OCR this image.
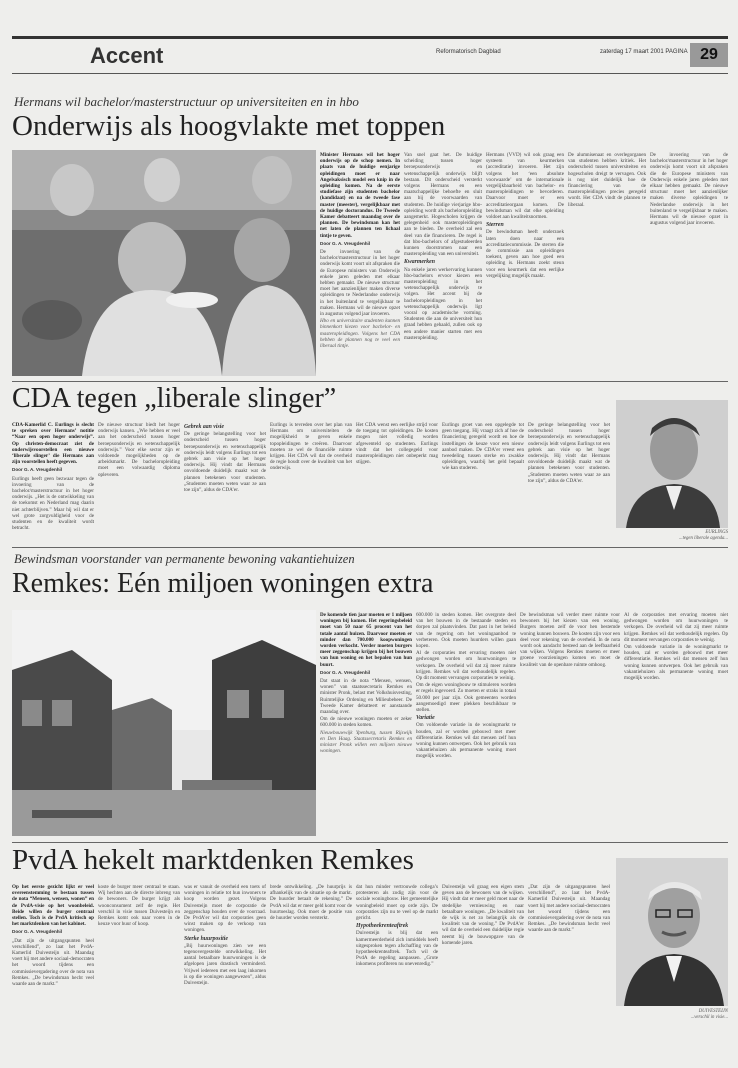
Accent	Reformatorisch Dagblad	zaterdag 17 maart 2001 PAGINA 29
Hermans wil bachelor/masterstructuur op universiteiten en in hbo
Onderwijs als hoogvlakte met toppen

Minister Hermans wil het hoger onderwijs op de schop nemen. In plaats van de huidige eenjarige opleidingen moet er naar Angelsaksisch model een knip in de opleiding komen. Na de eerste studiefase zijn studenten bachelor (kandidaat) en na de tweede fase master (meester), vergelijkbaar met de huidige doctorandus. De Tweede Kamer debatteert maandag over de plannen. De bewindsman kan het net laten de plannen ten lichaal tintje te geven.

Door G. A. Vreugdenhil

De invoering van de bachelor/masterstructuur in het hoger onderwijs komt voort uit afspraken die de Europese ministers van Onderwijs enkele jaren geleden met elkaar hebben gemaakt. De nieuwe structuur moet het aanzienlijker maken diverse opleidingen te Nederlandse onderwijs in het buitenland te vergelijkbaar te maken. Hermans wil de nieuwe opzet in augustus volgend jaar invoeren.

Hbo en universitaire studenten kunnen binnenkort kiezen voor bachelor- en masteropleidingen. Volgens het CDA hebben de plannen nog te veel een liberaal tintje.

Van snel gaat het. De huidige scheiding tussen hoger beroepsonderwijs en wetenschappelijk onderwijs blijft bestaan. Dit onderscheid versterkt volgens Hermans en een maatschappelijke behoefte en sluit aan bij de voorwaarden van studenten. De huidige vierjarige hbo-opleiding wordt als bacheloropleiding aangemerkt. Hogescholen krijgen de gelegenheid ook masteropleidingen aan te bieden. De overheid zal een deel van die financieren. De regel is dat hbo-bachelors of afgestudeerden kunnen doorstromen naar een masteropleiding van een universiteit.

Kwarmerken

Na enkele jaren werkervaring kunnen hbo-bachelors ervoor kiezen een masteropleiding in het wetenschappelijk onderwijs te volgen. Het accent bij de bacheloropleidingen in het wetenschappelijk onderwijs ligt vooral op academische vorming. Studenten die aan de universiteit hun graad hebben gehaald, zullen ook op een andere manier starten met een masteropleiding.

Hermans (VVD) wil ook graag een systeem van keurmerken (accreditatie) invoeren. Het zijn volgens het ‘een absolute voorwaarde’ om de internationale vergelijkbaarheid van bachelor- en masteropleidingen te bevorderen. Daarvoor moet er een accreditatieorgaan komen. De bewindsman wil dat elke opleiding voldoet aan kwaliteitsnormen.

Sterren

De bewindsman heeft onderzoek laten doen naar een accreditatiecommissie. De sterren die de commissie aan opleidingen toekent, geven aan hoe goed een opleiding is. Hermans zoekt steun voor een keurmerk dat een eerlijke vergelijking mogelijk maakt.

De alumnisenaat en overlegorganen van studenten hebben kritiek. Het onderscheid tussen universiteiten en hogescholen dreigt te vervagen. Ook is nog niet duidelijk hoe de financiering van de masteropleidingen precies geregeld wordt. Het CDA vindt de plannen te liberaal.

De invoering van de bachelor/masterstructuur in het hoger onderwijs komt voort uit afspraken die de Europese ministers van Onderwijs enkele jaren geleden met elkaar hebben gemaakt. De nieuwe structuur moet het aanzienlijker maken diverse opleidingen te Nederlandse onderwijs in het buitenland te vergelijkbaar te maken. Hermans wil de nieuwe opzet in augustus volgend jaar invoeren.

CDA tegen „liberale slinger”

CDA-Kamerlid C. Eurlings is slecht te spreken over Hermans’ notitie “Naar een open hoger onderwijs”. Op christen-democraat ziet de onderwijsvoorstellen een nieuwe ‘liberale slinger’ die Hermans aan zijn voorstellen heeft gegeven.

Door G. A. Vreugdenhil

Eurlings heeft geen bezwaar tegen de invoering van de bachelor/masterstructuur in het hoger onderwijs. „Het is de ontwikkeling van de toekomst en Nederland mag daarin niet achterblijven.” Maar hij wil dat er wel grote zorgvuldigheid voor de studenten en de kwaliteit wordt betracht.

De nieuwe structuur biedt het hoger onderwijs kansen. „Wie hebben er veel aan het onderscheid tussen hoger beroepsonderwijs en wetenschappelijk onderwijs.” Voor elke sector zijn er voldoende mogelijkheden op de arbeidsmarkt. De bacheloropleiding moet een volwaardig diploma opleveren.

Gebrek aan visie

De geringe belangstelling voor het onderscheid tussen hoger beroepsonderwijs en wetenschappelijk onderwijs leidt volgens Eurlings tot een gebrek aan visie op het hoger onderwijs. Hij vindt dat Hermans onvoldoende duidelijk maakt wat de plannen betekenen voor studenten. „Studenten moeten weten waar ze aan toe zijn”, aldus de CDA’er.

Eurlings is tevreden over het plan van Hermans om universiteiten de mogelijkheid te geven enkele topopleidingen te creëren. Daarvoor moeten ze wel de financiële ruimte krijgen. Het CDA wil dat de overheid de regie houdt over de kwaliteit van het onderwijs.

Het CDA wenst een eerlijke strijd voor de toegang tot opleidingen. De kosten mogen niet volledig worden afgewenteld op studenten. Eurlings vindt dat het collegegeld voor masteropleidingen niet onbeperkt mag stijgen.

Eurlings groet van een opgelegde tot geen toegang. Hij vraagt zich af hoe de financiering geregeld wordt en hoe de instellingen de keuze voor een nieuw aanbod maken. De CDA’er vreest een tweedeling tussen sterke en zwakke opleidingen, waarbij het geld bepaalt wie kan studeren.

De geringe belangstelling voor het onderscheid tussen hoger beroepsonderwijs en wetenschappelijk onderwijs leidt volgens Eurlings tot een gebrek aan visie op het hoger onderwijs. Hij vindt dat Hermans onvoldoende duidelijk maakt wat de plannen betekenen voor studenten. „Studenten moeten weten waar ze aan toe zijn”, aldus de CDA’er.

EURLINGS
...tegen liberale agenda...
Bewindsman voorstander van permanente bewoning vakantiehuizen
Remkes: Eén miljoen woningen extra

De komende tien jaar moeten er 1 miljoen woningen bij komen. Het regeringsbeleid moet van 50 naar 65 procent van het totale aantal huizen. Daarvoor moeten er minder dan 700.000 koopwoningen worden verkocht. Verder moeten burgers meer zeggenschap krijgen bij het bouwen van hun woning en het bepalen van hun buurt.

Door G. A. Vreugdenhil

Dat staat in de nota “Mensen, wensen, wonen” van staatssecretaris Remkes en minister Pronk, belast met Volkshuisvesting, Ruimtelijke Ordening en Milieubeheer. De Tweede Kamer debatteert er aanstaande maandag over.

Om de nieuwe woningen moeten er zeker 600.000 in steden komen.

Nieuwbouwwijk Ypenburg, tussen Rijswijk en Den Haag. Staatssecretaris Remkes en minister Pronk willen een miljoen nieuwe woningen.

600.000 in steden komen. Het overgrote deel van het bouwen in de bestaande steden en dorpen zal plaatsvinden. Dat past in het beleid van de regering om het woningaanbod te verbeteren. Ook moeten huurders willen gaan kopen.

Al de corporaties met ervaring moeten niet gedwongen worden om huurwoningen te verkopen. De overheid wil dat zij meer ruimte krijgen. Remkes wil dat wethoudelijk regelen. Op dit moment vervangen corporaties te weinig.

Om de eigen woningbouw te stimuleren worden er regels ingevoerd. Zo moeten er straks in totaal 50.000 per jaar zijn. Ook gemeenten worden aangemoedigd meer plekken beschikbaar te stellen.

Variatie

Om voldoende variatie in de woningmarkt te houden, zal er worden gebouwd met meer differentiatie. Remkes wil dat mensen zelf hun woning kunnen ontwerpen. Ook het gebruik van vakantiehuizen als permanente woning moet mogelijk worden.

De bewindsman wil verder meer ruimte voor bewoners bij het kiezen van een woning. Burgers moeten zelf de voor hen bestemde woning kunnen bouwen. De kosten zijn voor een deel voor rekening van de overheid. In de nota wordt ook aandacht besteed aan de leefbaarheid van wijken. Volgens Remkes moeten er meer groene voorzieningen komen en moet de kwaliteit van de openbare ruimte omhoog.

Al de corporaties met ervaring moeten niet gedwongen worden om huurwoningen te verkopen. De overheid wil dat zij meer ruimte krijgen. Remkes wil dat wethoudelijk regelen. Op dit moment vervangen corporaties te weinig.

Om voldoende variatie in de woningmarkt te houden, zal er worden gebouwd met meer differentiatie. Remkes wil dat mensen zelf hun woning kunnen ontwerpen. Ook het gebruik van vakantiehuizen als permanente woning moet mogelijk worden.

PvdA hekelt marktdenken Remkes

Op het eerste gezicht lijkt er veel overeenstemming te bestaan tussen de nota “Mensen, wensen, wonen” en de PvdA-visie op het woonbeleid. Beide willen de burger centraal stellen. Toch is de PvdA kritisch op het marktdenken van het kabinet.

Door G. A. Vreugdenhil

„Dat zijn de uitgangspunten heel verschillend”, zo laat het PvdA-Kamerlid Duivesteijn uit. Maandag voert hij met andere sociaal-democraten het woord tijdens een commissievergadering over de nota van Remkes. „De bewindsman hecht veel waarde aan de markt.”

koste de burger meer centraal te staan. Wij hechten aan de directe inbreng van de bewoners. De burger krijgt als woonconsument zelf de regie. Het verschil in visie tussen Duivesteijn en Remkes komt ook naar voren in de keuze voor huur of koop.

was er vanuit de overheid een toets of woningen in relatie tot hun inwoners te koop worden gezet. Volgens Duivesteijn moet de corporatie de zeggenschap houden over de voorraad. De PvdA’er wil dat corporaties geen winst maken op de verkoop van woningen.

Sterke huurpositie

„Bij huurwoningen zien we een tegenovergestelde ontwikkeling. Het aantal betaalbare huurwoningen is de afgelopen jaren drastisch verminderd. Vrijwel iedereen met een laag inkomen is op die woningen aangewezen”, aldus Duivesteijn.

brede ontwikkeling. „De huurprijs is afhankelijk van de situatie op de markt. De huurder betaalt de rekening.” De PvdA wil dat er meer geld komt voor de huurtoeslag. Ook moet de positie van de huurder worden versterkt.

dat hun minder vertrouwde collega’s protesteren als zodig zijn voor de sociale woningbouw. Het gemeentelijke woningbeleid moet op orde zijn. De corporaties zijn nu te veel op de markt gericht.

Hypotheekrenteaftrek

Duivesteijn is blij dat een kamermeerderheid zich inmiddels heeft uitgesproken tegen afschaffing van de hypotheekrenteaftrek. Toch wil de PvdA de regeling aanpassen. „Grote inkomens profiteren nu onevenredig.”

Duivesteijn wil graag een eigen stem geven aan de bewoners van de wijken. Hij vindt dat er meer geld moet naar de stedelijke vernieuwing en naar betaalbare woningen. „De kwaliteit van de wijk is net zo belangrijk als de kwaliteit van de woning.” De PvdA’er wil dat de overheid een duidelijke regie neemt bij de bouwopgave van de komende jaren.

„Dat zijn de uitgangspunten heel verschillend”, zo laat het PvdA-Kamerlid Duivesteijn uit. Maandag voert hij met andere sociaal-democraten het woord tijdens een commissievergadering over de nota van Remkes. „De bewindsman hecht veel waarde aan de markt.”

DUIVESTEIJN
...verschil in visie...
